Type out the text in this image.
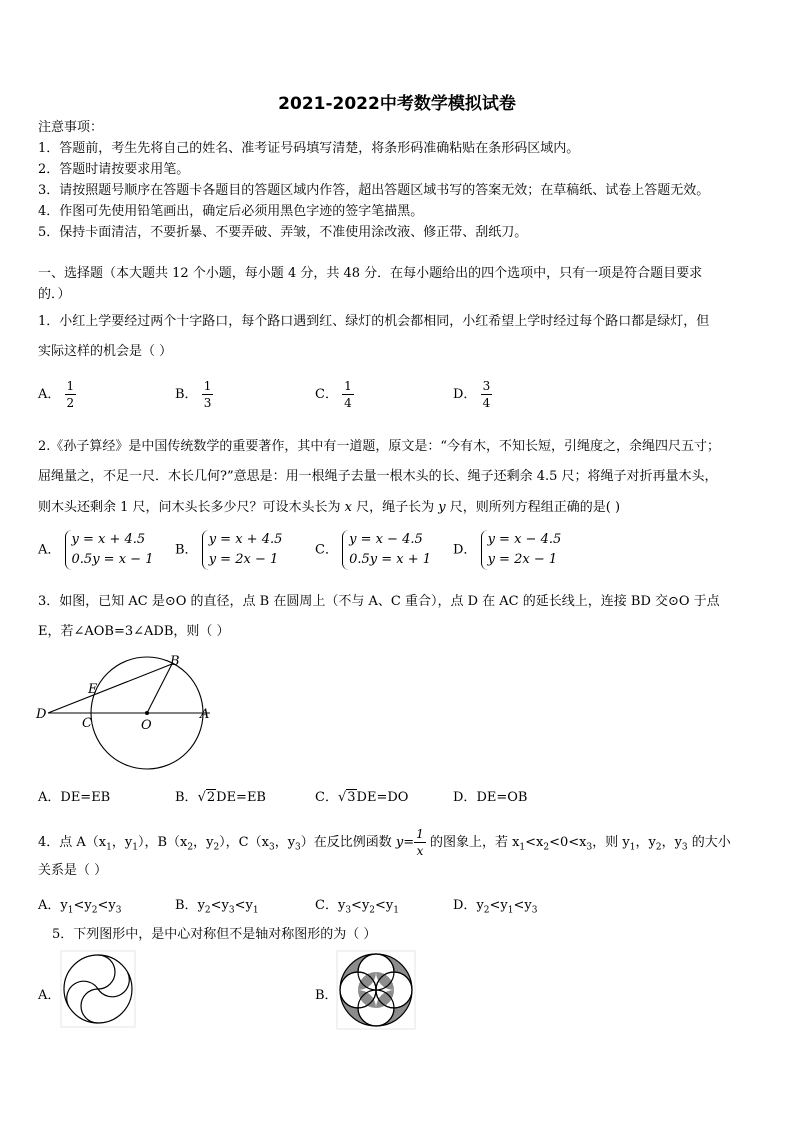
2021-2022中考数学模拟试卷
注意事项：
1．答题前，考生先将自己的姓名、准考证号码填写清楚，将条形码准确粘贴在条形码区域内。
2．答题时请按要求用笔。
3．请按照题号顺序在答题卡各题目的答题区域内作答，超出答题区域书写的答案无效；在草稿纸、试卷上答题无效。
4．作图可先使用铅笔画出，确定后必须用黑色字迹的签字笔描黑。
5．保持卡面清洁，不要折暴、不要弄破、弄皱，不准使用涂改液、修正带、刮纸刀。
一、选择题（本大题共 12 个小题，每小题 4 分，共 48 分．在每小题给出的四个选项中，只有一项是符合题目要求
的．）
1．小红上学要经过两个十字路口，每个路口遇到红、绿灯的机会都相同，小红希望上学时经过每个路口都是绿灯，但
实际这样的机会是（ ）
A． $\frac{1}{2}$	B． $\frac{1}{3}$	C． $\frac{1}{4}$	D． $\frac{3}{4}$
2.《孙子算经》是中国传统数学的重要著作，其中有一道题，原文是：“今有木，不知长短，引绳度之，余绳四尺五寸；
屈绳量之，不足一尺．木长几何?”意思是：用一根绳子去量一根木头的长、绳子还剩余 4.5 尺；将绳子对折再量木头，
则木头还剩余 1 尺，问木头长多少尺？可设木头长为 x 尺，绳子长为 y 尺，则所列方程组正确的是( )
A．
y = x + 4.5
0.5y = x − 1
B．
y = x + 4.5
y = 2x − 1
C．
y = x − 4.5
0.5y = x + 1
D．
y = x − 4.5
y = 2x − 1
3．如图，已知 AC 是⊙O 的直径，点 B 在圆周上（不与 A、C 重合），点 D 在 AC 的延长线上，连接 BD 交⊙O 于点
E，若∠AOB=3∠ADB，则（ ）
B
E
D
C	O
A
A．DE=EB	B．√2DE=EB	C．√3DE=DO	D．DE=OB
4．点 $A(x_1$，$y_1$），$B(x_2$，$y_2$），$C(x_3$，$y_3$）在反比例函数 $y= \frac{1}{x}$ 的图象上，若 $x_1<x_2<0<x_3$，则 $y_1$，$y_2$，$y_3$ 的大小
关系是（ ）
A．$y_1<y_2<y_3$	B．$y_2<y_3<y_1$	C．$y_3<y_2<y_1$	D．$y_2<y_1<y_3$
5．下列图形中，是中心对称但不是轴对称图形的为（ ）
A．	B．
